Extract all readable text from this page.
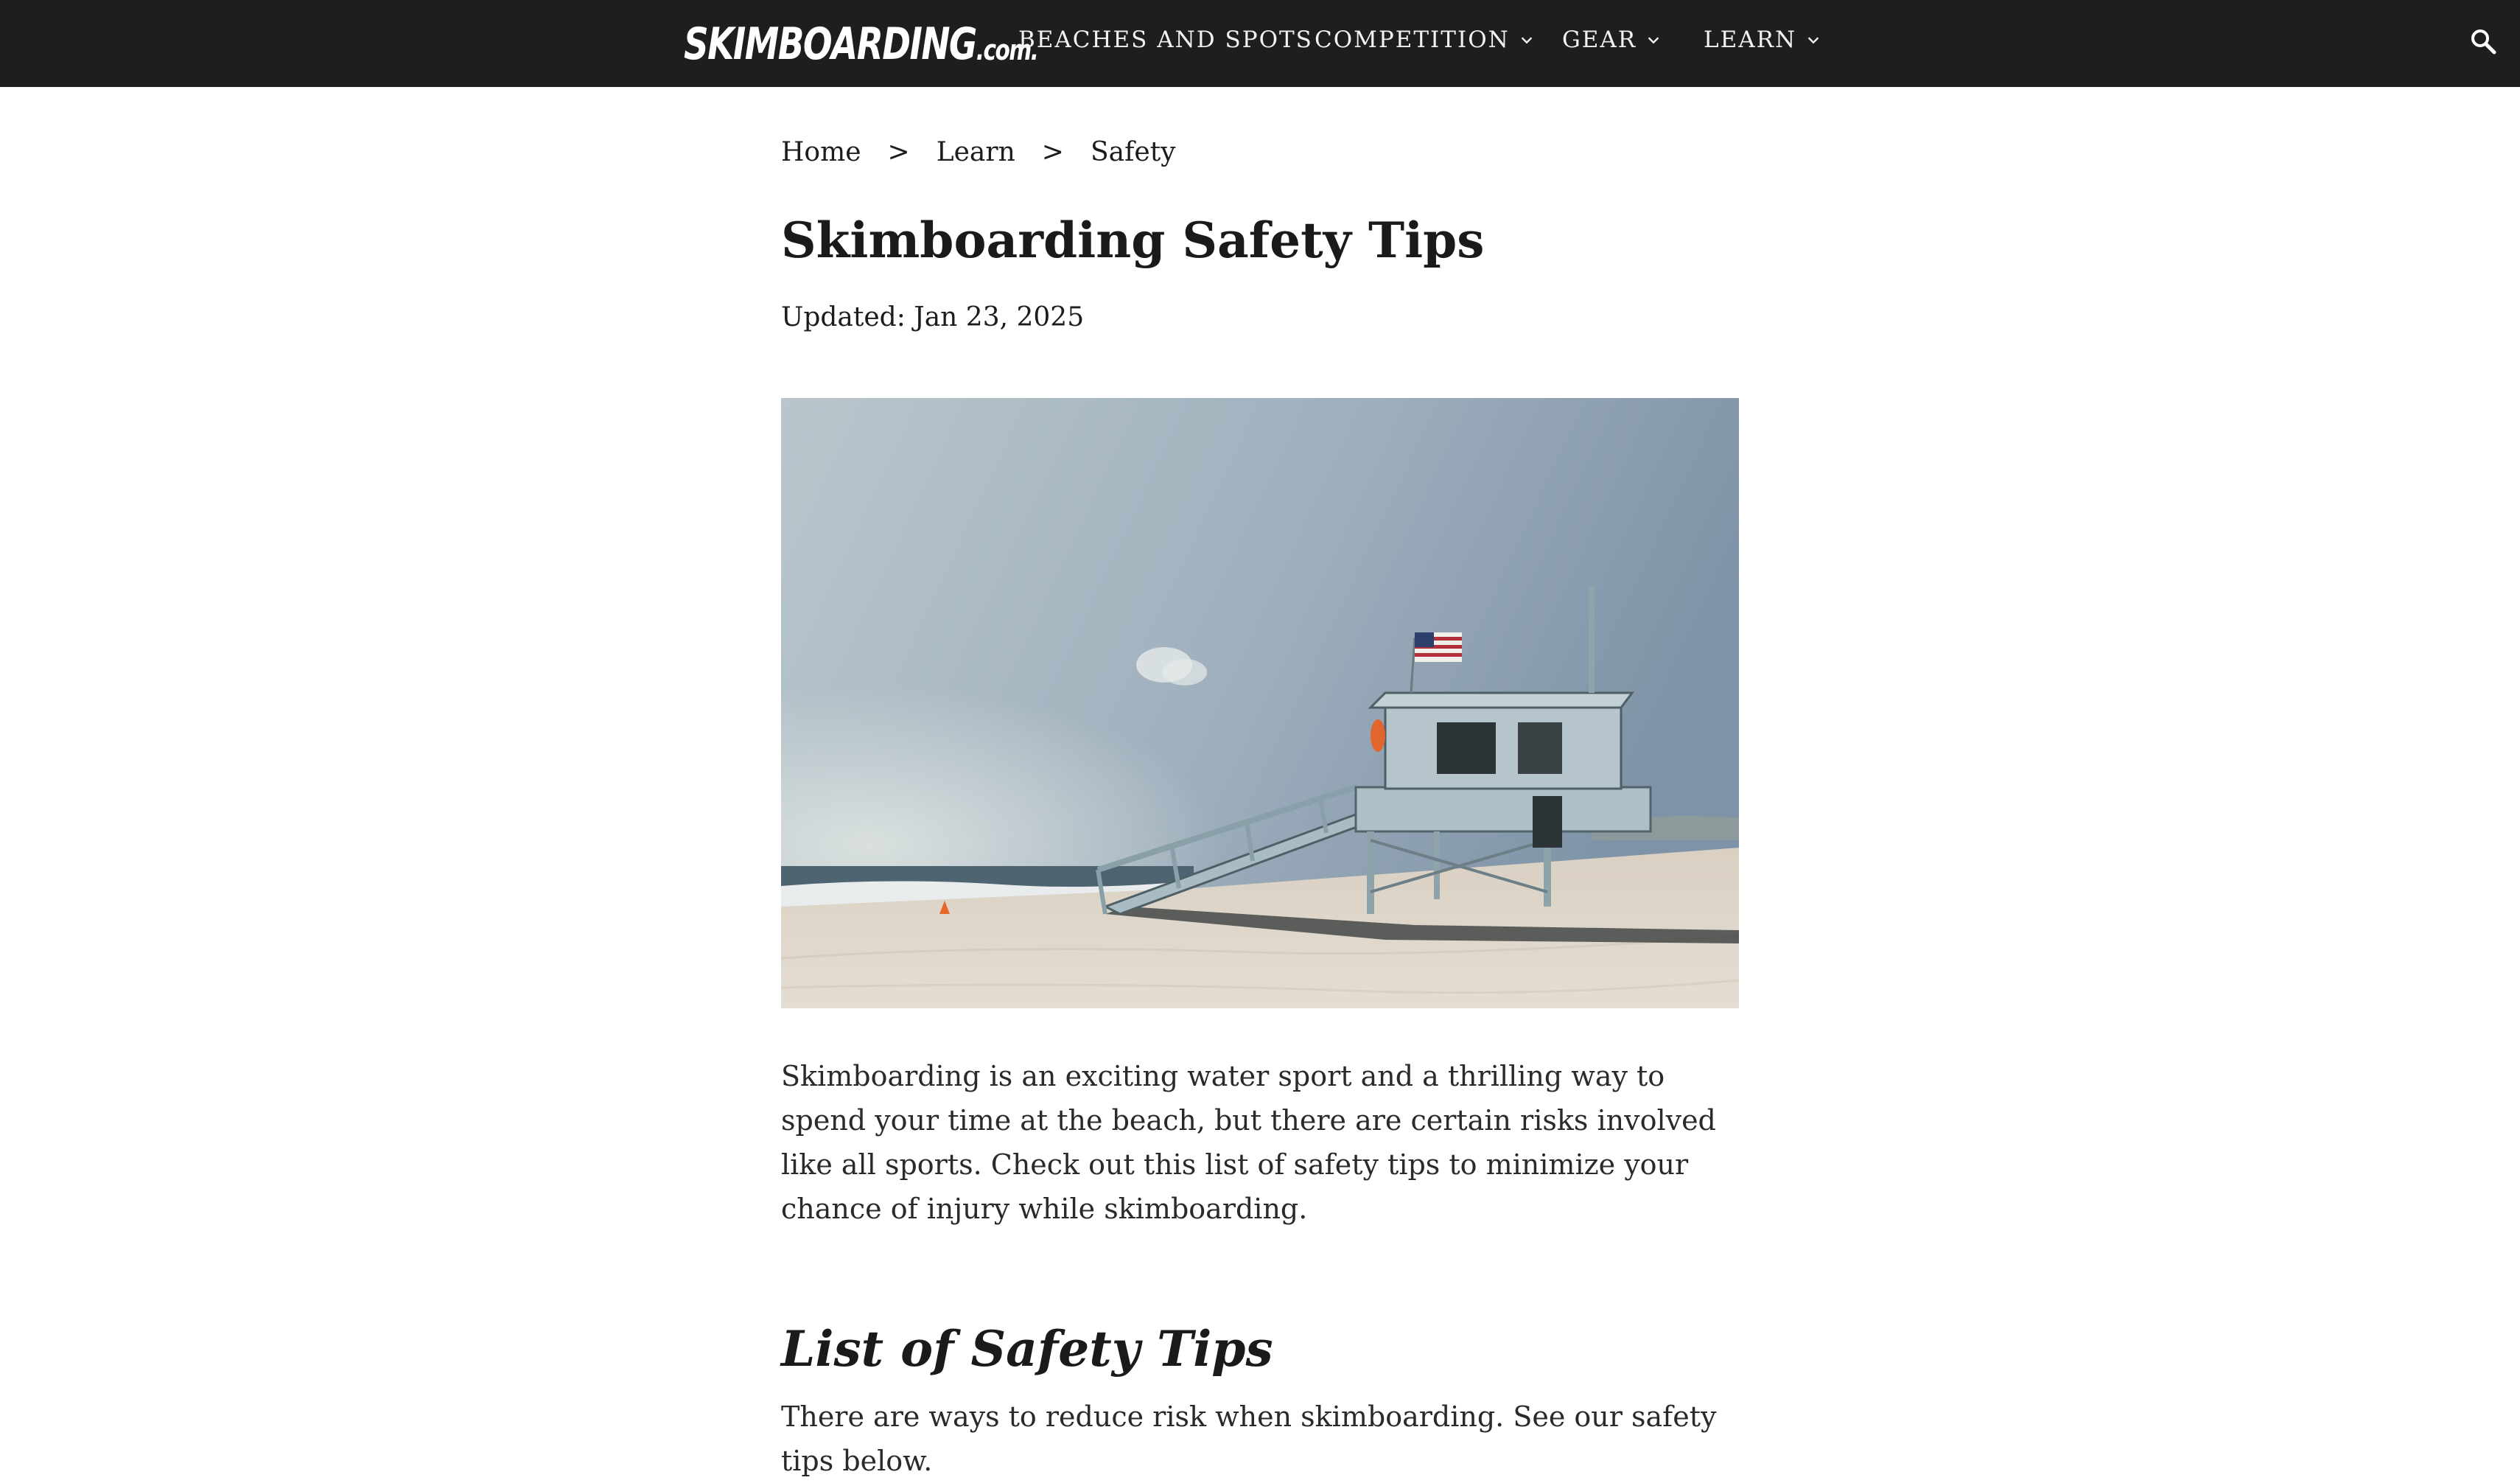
SKIMBOARDING .com.
BEACHES AND SPOTS COMPETITION GEAR	LEARN
Home > Learn > Safety
Skimboarding Safety Tips
Updated: Jan 23, 2025

Skimboarding is an exciting water sport and a thrilling way to spend your time at the beach, but there are certain risks involved like all sports. Check out this list of safety tips to minimize your chance of injury while skimboarding.

List of Safety Tips

There are ways to reduce risk when skimboarding. See our safety tips below.
